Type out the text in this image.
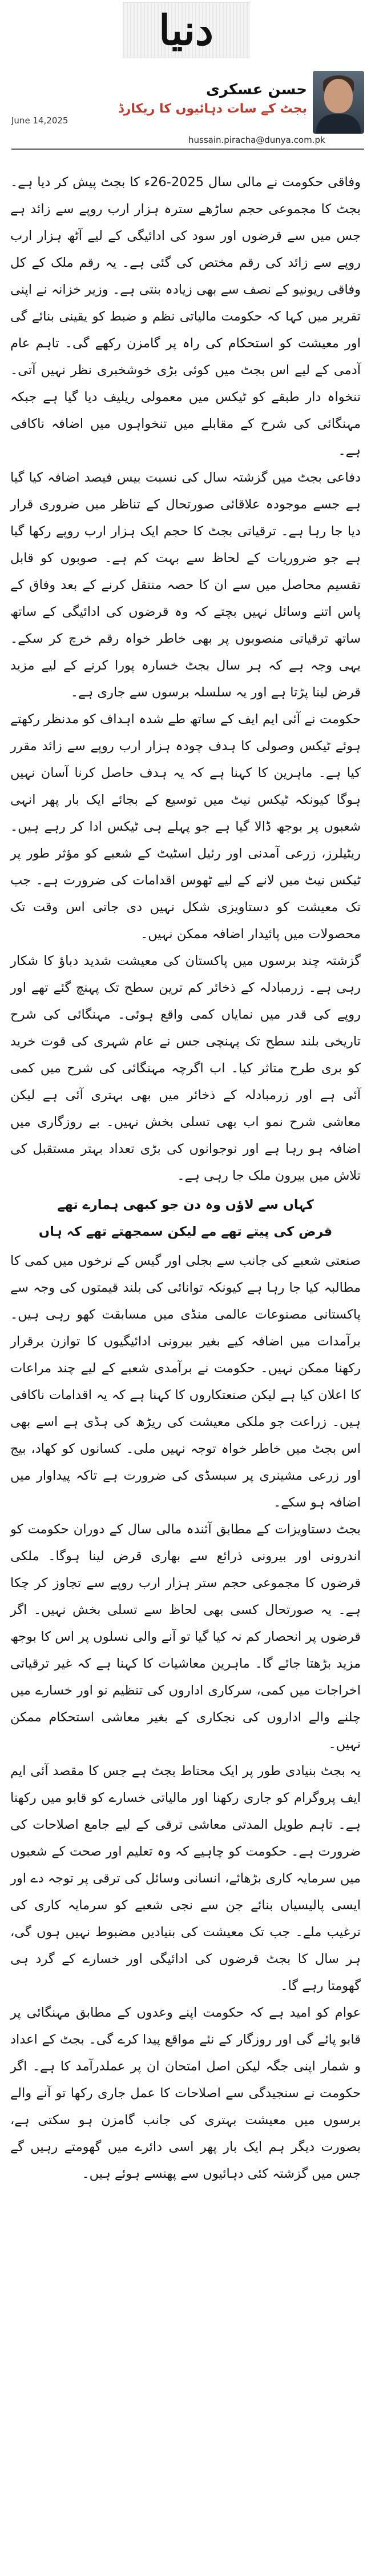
دنیا
حسن عسکری
بجٹ کے سات دہائیوں کا ریکارڈ
June 14,2025
hussain.piracha@dunya.com.pk

وفاقی حکومت نے مالی سال 2025-26ء کا بجٹ پیش کر دیا ہے۔ بجٹ کا مجموعی حجم ساڑھے سترہ ہزار ارب روپے سے زائد ہے جس میں سے قرضوں اور سود کی ادائیگی کے لیے آٹھ ہزار ارب روپے سے زائد کی رقم مختص کی گئی ہے۔ یہ رقم ملک کے کل وفاقی ریونیو کے نصف سے بھی زیادہ بنتی ہے۔ وزیر خزانہ نے اپنی تقریر میں کہا کہ حکومت مالیاتی نظم و ضبط کو یقینی بنائے گی اور معیشت کو استحکام کی راہ پر گامزن رکھے گی۔ تاہم عام آدمی کے لیے اس بجٹ میں کوئی بڑی خوشخبری نظر نہیں آتی۔ تنخواہ دار طبقے کو ٹیکس میں معمولی ریلیف دیا گیا ہے جبکہ مہنگائی کی شرح کے مقابلے میں تنخواہوں میں اضافہ ناکافی ہے۔

دفاعی بجٹ میں گزشتہ سال کی نسبت بیس فیصد اضافہ کیا گیا ہے جسے موجودہ علاقائی صورتحال کے تناظر میں ضروری قرار دیا جا رہا ہے۔ ترقیاتی بجٹ کا حجم ایک ہزار ارب روپے رکھا گیا ہے جو ضروریات کے لحاظ سے بہت کم ہے۔ صوبوں کو قابل تقسیم محاصل میں سے ان کا حصہ منتقل کرنے کے بعد وفاق کے پاس اتنے وسائل نہیں بچتے کہ وہ قرضوں کی ادائیگی کے ساتھ ساتھ ترقیاتی منصوبوں پر بھی خاطر خواہ رقم خرچ کر سکے۔ یہی وجہ ہے کہ ہر سال بجٹ خسارہ پورا کرنے کے لیے مزید قرض لینا پڑتا ہے اور یہ سلسلہ برسوں سے جاری ہے۔

حکومت نے آئی ایم ایف کے ساتھ طے شدہ اہداف کو مدنظر رکھتے ہوئے ٹیکس وصولی کا ہدف چودہ ہزار ارب روپے سے زائد مقرر کیا ہے۔ ماہرین کا کہنا ہے کہ یہ ہدف حاصل کرنا آسان نہیں ہوگا کیونکہ ٹیکس نیٹ میں توسیع کے بجائے ایک بار پھر انہی شعبوں پر بوجھ ڈالا گیا ہے جو پہلے ہی ٹیکس ادا کر رہے ہیں۔ ریٹیلرز، زرعی آمدنی اور رئیل اسٹیٹ کے شعبے کو مؤثر طور پر ٹیکس نیٹ میں لانے کے لیے ٹھوس اقدامات کی ضرورت ہے۔ جب تک معیشت کو دستاویزی شکل نہیں دی جاتی اس وقت تک محصولات میں پائیدار اضافہ ممکن نہیں۔

گزشتہ چند برسوں میں پاکستان کی معیشت شدید دباؤ کا شکار رہی ہے۔ زرمبادلہ کے ذخائر کم ترین سطح تک پہنچ گئے تھے اور روپے کی قدر میں نمایاں کمی واقع ہوئی۔ مہنگائی کی شرح تاریخی بلند سطح تک پہنچی جس نے عام شہری کی قوت خرید کو بری طرح متاثر کیا۔ اب اگرچہ مہنگائی کی شرح میں کمی آئی ہے اور زرمبادلہ کے ذخائر میں بھی بہتری آئی ہے لیکن معاشی شرح نمو اب بھی تسلی بخش نہیں۔ بے روزگاری میں اضافہ ہو رہا ہے اور نوجوانوں کی بڑی تعداد بہتر مستقبل کی تلاش میں بیرون ملک جا رہی ہے۔

کہاں سے لاؤں وہ دن جو کبھی ہمارے تھے
قرض کی پیتے تھے مے لیکن سمجھتے تھے کہ ہاں

صنعتی شعبے کی جانب سے بجلی اور گیس کے نرخوں میں کمی کا مطالبہ کیا جا رہا ہے کیونکہ توانائی کی بلند قیمتوں کی وجہ سے پاکستانی مصنوعات عالمی منڈی میں مسابقت کھو رہی ہیں۔ برآمدات میں اضافہ کیے بغیر بیرونی ادائیگیوں کا توازن برقرار رکھنا ممکن نہیں۔ حکومت نے برآمدی شعبے کے لیے چند مراعات کا اعلان کیا ہے لیکن صنعتکاروں کا کہنا ہے کہ یہ اقدامات ناکافی ہیں۔ زراعت جو ملکی معیشت کی ریڑھ کی ہڈی ہے اسے بھی اس بجٹ میں خاطر خواہ توجہ نہیں ملی۔ کسانوں کو کھاد، بیج اور زرعی مشینری پر سبسڈی کی ضرورت ہے تاکہ پیداوار میں اضافہ ہو سکے۔

بجٹ دستاویزات کے مطابق آئندہ مالی سال کے دوران حکومت کو اندرونی اور بیرونی ذرائع سے بھاری قرض لینا ہوگا۔ ملکی قرضوں کا مجموعی حجم ستر ہزار ارب روپے سے تجاوز کر چکا ہے۔ یہ صورتحال کسی بھی لحاظ سے تسلی بخش نہیں۔ اگر قرضوں پر انحصار کم نہ کیا گیا تو آنے والی نسلوں پر اس کا بوجھ مزید بڑھتا جائے گا۔ ماہرین معاشیات کا کہنا ہے کہ غیر ترقیاتی اخراجات میں کمی، سرکاری اداروں کی تنظیم نو اور خسارے میں چلنے والے اداروں کی نجکاری کے بغیر معاشی استحکام ممکن نہیں۔

یہ بجٹ بنیادی طور پر ایک محتاط بجٹ ہے جس کا مقصد آئی ایم ایف پروگرام کو جاری رکھنا اور مالیاتی خسارے کو قابو میں رکھنا ہے۔ تاہم طویل المدتی معاشی ترقی کے لیے جامع اصلاحات کی ضرورت ہے۔ حکومت کو چاہیے کہ وہ تعلیم اور صحت کے شعبوں میں سرمایہ کاری بڑھائے، انسانی وسائل کی ترقی پر توجہ دے اور ایسی پالیسیاں بنائے جن سے نجی شعبے کو سرمایہ کاری کی ترغیب ملے۔ جب تک معیشت کی بنیادیں مضبوط نہیں ہوں گی، ہر سال کا بجٹ قرضوں کی ادائیگی اور خسارے کے گرد ہی گھومتا رہے گا۔

عوام کو امید ہے کہ حکومت اپنے وعدوں کے مطابق مہنگائی پر قابو پائے گی اور روزگار کے نئے مواقع پیدا کرے گی۔ بجٹ کے اعداد و شمار اپنی جگہ لیکن اصل امتحان ان پر عملدرآمد کا ہے۔ اگر حکومت نے سنجیدگی سے اصلاحات کا عمل جاری رکھا تو آنے والے برسوں میں معیشت بہتری کی جانب گامزن ہو سکتی ہے، بصورت دیگر ہم ایک بار پھر اسی دائرے میں گھومتے رہیں گے جس میں گزشتہ کئی دہائیوں سے پھنسے ہوئے ہیں۔
